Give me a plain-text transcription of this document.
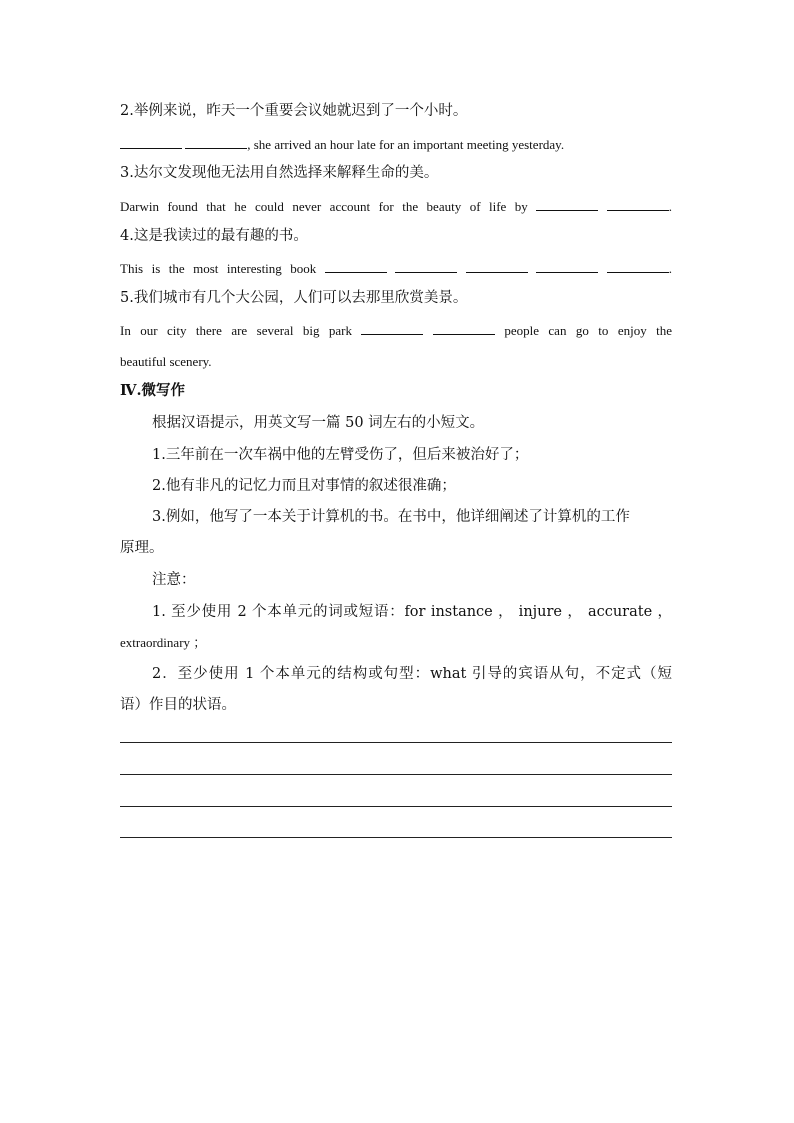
2.举例来说，昨天一个重要会议她就迟到了一个小时。
, she arrived an hour late for an important meeting yesterday.
3.达尔文发现他无法用自然选择来解释生命的美。
Darwin found that he could never account for the beauty of life by	.
4.这是我读过的最有趣的书。
This is the most interesting book	.
5.我们城市有几个大公园，人们可以去那里欣赏美景。
In our city there are several big park	people can go to enjoy the
beautiful scenery.
Ⅳ.微写作
根据汉语提示，用英文写一篇 50 词左右的小短文。
1.三年前在一次车祸中他的左臂受伤了，但后来被治好了；
2.他有非凡的记忆力而且对事情的叙述很准确；
3.例如，他写了一本关于计算机的书。在书中，他详细阐述了计算机的工作
原理。
注意：
1. 至少使用 2 个本单元的词或短语：for instance ， injure ， accurate ，
extraordinary ；
2．至少使用 1 个本单元的结构或句型：what 引导的宾语从句，不定式（短
语）作目的状语。
